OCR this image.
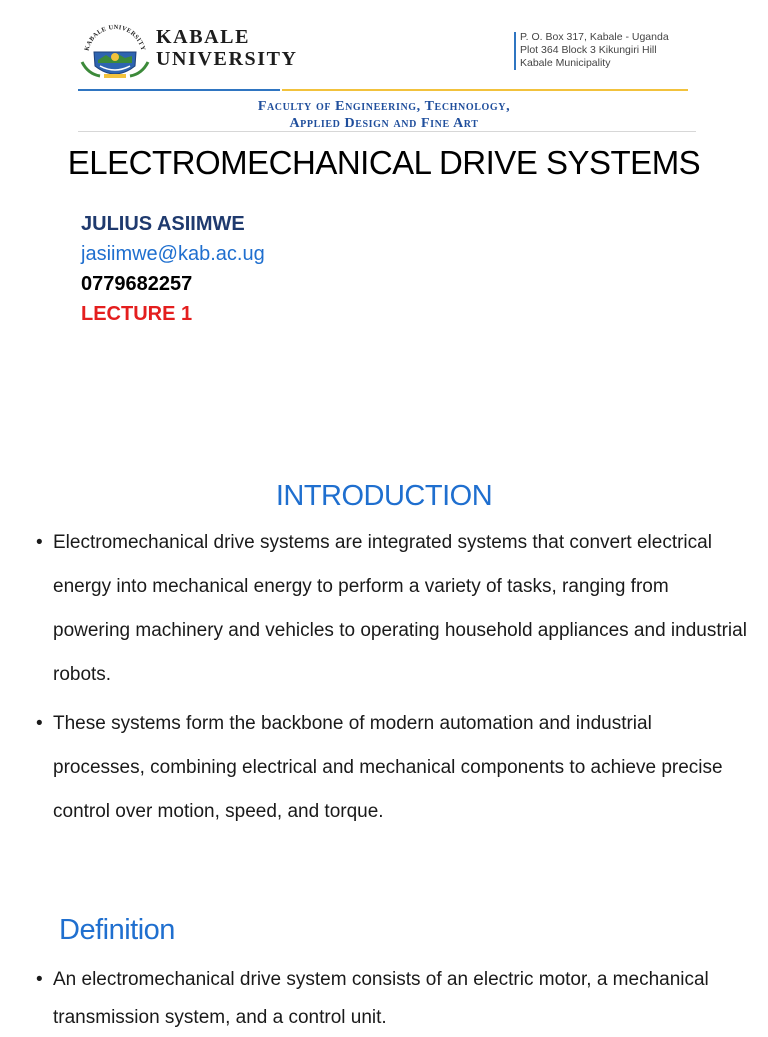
KABALE UNIVERSITY
KABALE
UNIVERSITY
P. O. Box 317, Kabale - Uganda
Plot 364 Block 3 Kikungiri Hill
Kabale Municipality
Faculty of Engineering, Technology,
Applied Design and Fine Art
ELECTROMECHANICAL DRIVE SYSTEMS
JULIUS ASIIMWE
jasiimwe@kab.ac.ug
0779682257
LECTURE 1
INTRODUCTION
• Electromechanical drive systems are integrated systems that convert electrical energy into mechanical energy to perform a variety of tasks, ranging from powering machinery and vehicles to operating household appliances and industrial robots.
• These systems form the backbone of modern automation and industrial processes, combining electrical and mechanical components to achieve precise control over motion, speed, and torque.
Definition
• An electromechanical drive system consists of an electric motor, a mechanical transmission system, and a control unit.
